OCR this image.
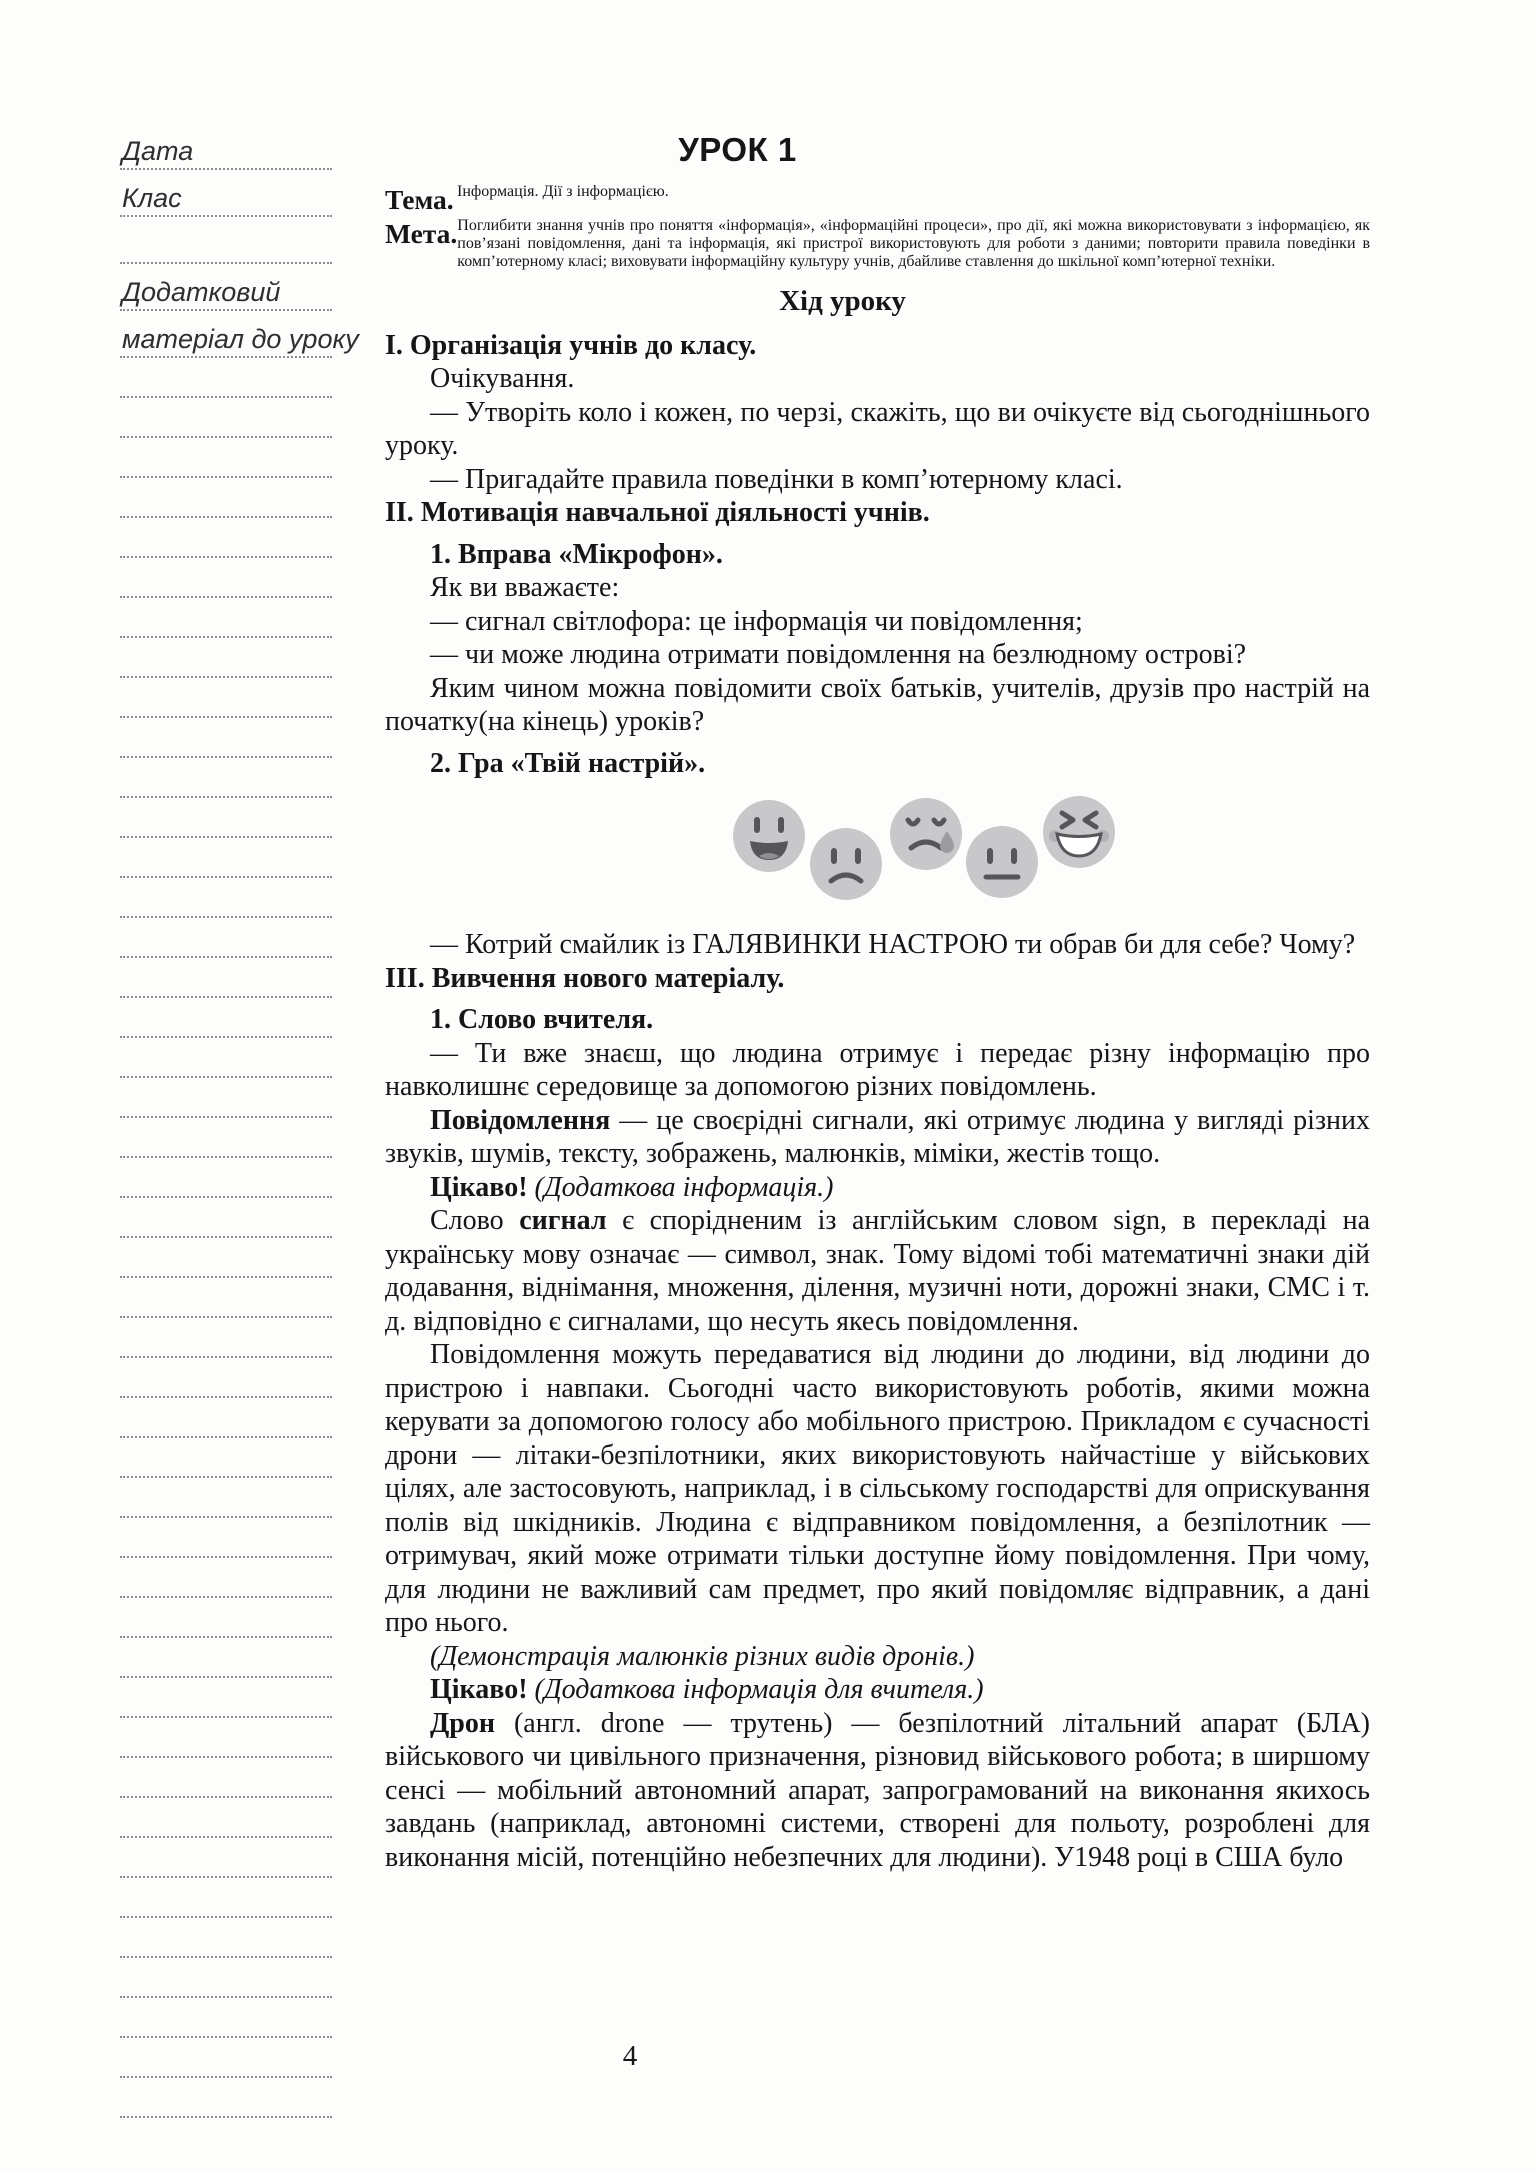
Дата
Клас
Додатковий
матеріал до уроку
УРОК 1
Тема. Інформація. Дії з інформацією.
Мета. Поглибити знання учнів про поняття «інформація», «інформаційні процеси», про дії, які можна використовувати з інформацією, як пов’язані повідомлення, дані та інформація, які пристрої використовують для роботи з даними; повторити правила поведінки в комп’ютерному класі; виховувати інформаційну культуру учнів, дбайливе ставлення до шкільної комп’ютерної техніки.
Хід уроку

I. Організація учнів до класу.

Очікування.

— Утворіть коло і кожен, по черзі, скажіть, що ви очікуєте від сьогоднішнього уроку.

— Пригадайте правила поведінки в комп’ютерному класі.

II. Мотивація навчальної діяльності учнів.

1. Вправа «Мікрофон».

Як ви вважаєте:

— сигнал світлофора: це інформація чи повідомлення;

— чи може людина отримати повідомлення на безлюдному острові?

Яким чином можна повідомити своїх батьків, учителів, друзів про настрій на початку(на кінець) уроків?

2. Гра «Твій настрій».

— Котрий смайлик із ГАЛЯВИНКИ НАСТРОЮ ти обрав би для себе? Чому?

III. Вивчення нового матеріалу.

1. Слово вчителя.

— Ти вже знаєш, що людина отримує і передає різну інформацію про навколишнє середовище за допомогою різних повідомлень.

Повідомлення — це своєрідні сигнали, які отримує людина у вигляді різних звуків, шумів, тексту, зображень, малюнків, міміки, жестів тощо.

Цікаво! (Додаткова інформація.)

Слово сигнал є спорідненим із англійським словом sign, в перекладі на українську мову означає — символ, знак. Тому відомі тобі математичні знаки дій додавання, віднімання, множення, ділення, музичні ноти, дорожні знаки, СМС і т. д. відповідно є сигналами, що несуть якесь повідомлення.

Повідомлення можуть передаватися від людини до людини, від людини до пристрою і навпаки. Сьогодні часто використовують роботів, якими можна керувати за допомогою голосу або мобільного пристрою. Прикладом є сучасності дрони — літаки-безпілотники, яких використовують найчастіше у військових цілях, але застосовують, наприклад, і в сільському господарстві для оприскування полів від шкідників. Людина є відправником повідомлення, а безпілотник — отримувач, який може отримати тільки доступне йому повідомлення. При чому, для людини не важливий сам предмет, про який повідомляє відправник, а дані про нього.

(Демонстрація малюнків різних видів дронів.)

Цікаво! (Додаткова інформація для вчителя.)

Дрон (англ. drone — трутень) — безпілотний літальний апарат (БЛА) військового чи цивільного призначення, різновид військового робота; в ширшому сенсі — мобільний автономний апарат, запрограмований на виконання якихось завдань (наприклад, автономні системи, створені для польоту, розроблені для виконання місій, потенційно небезпечних для людини). У1948 році в США було

4
